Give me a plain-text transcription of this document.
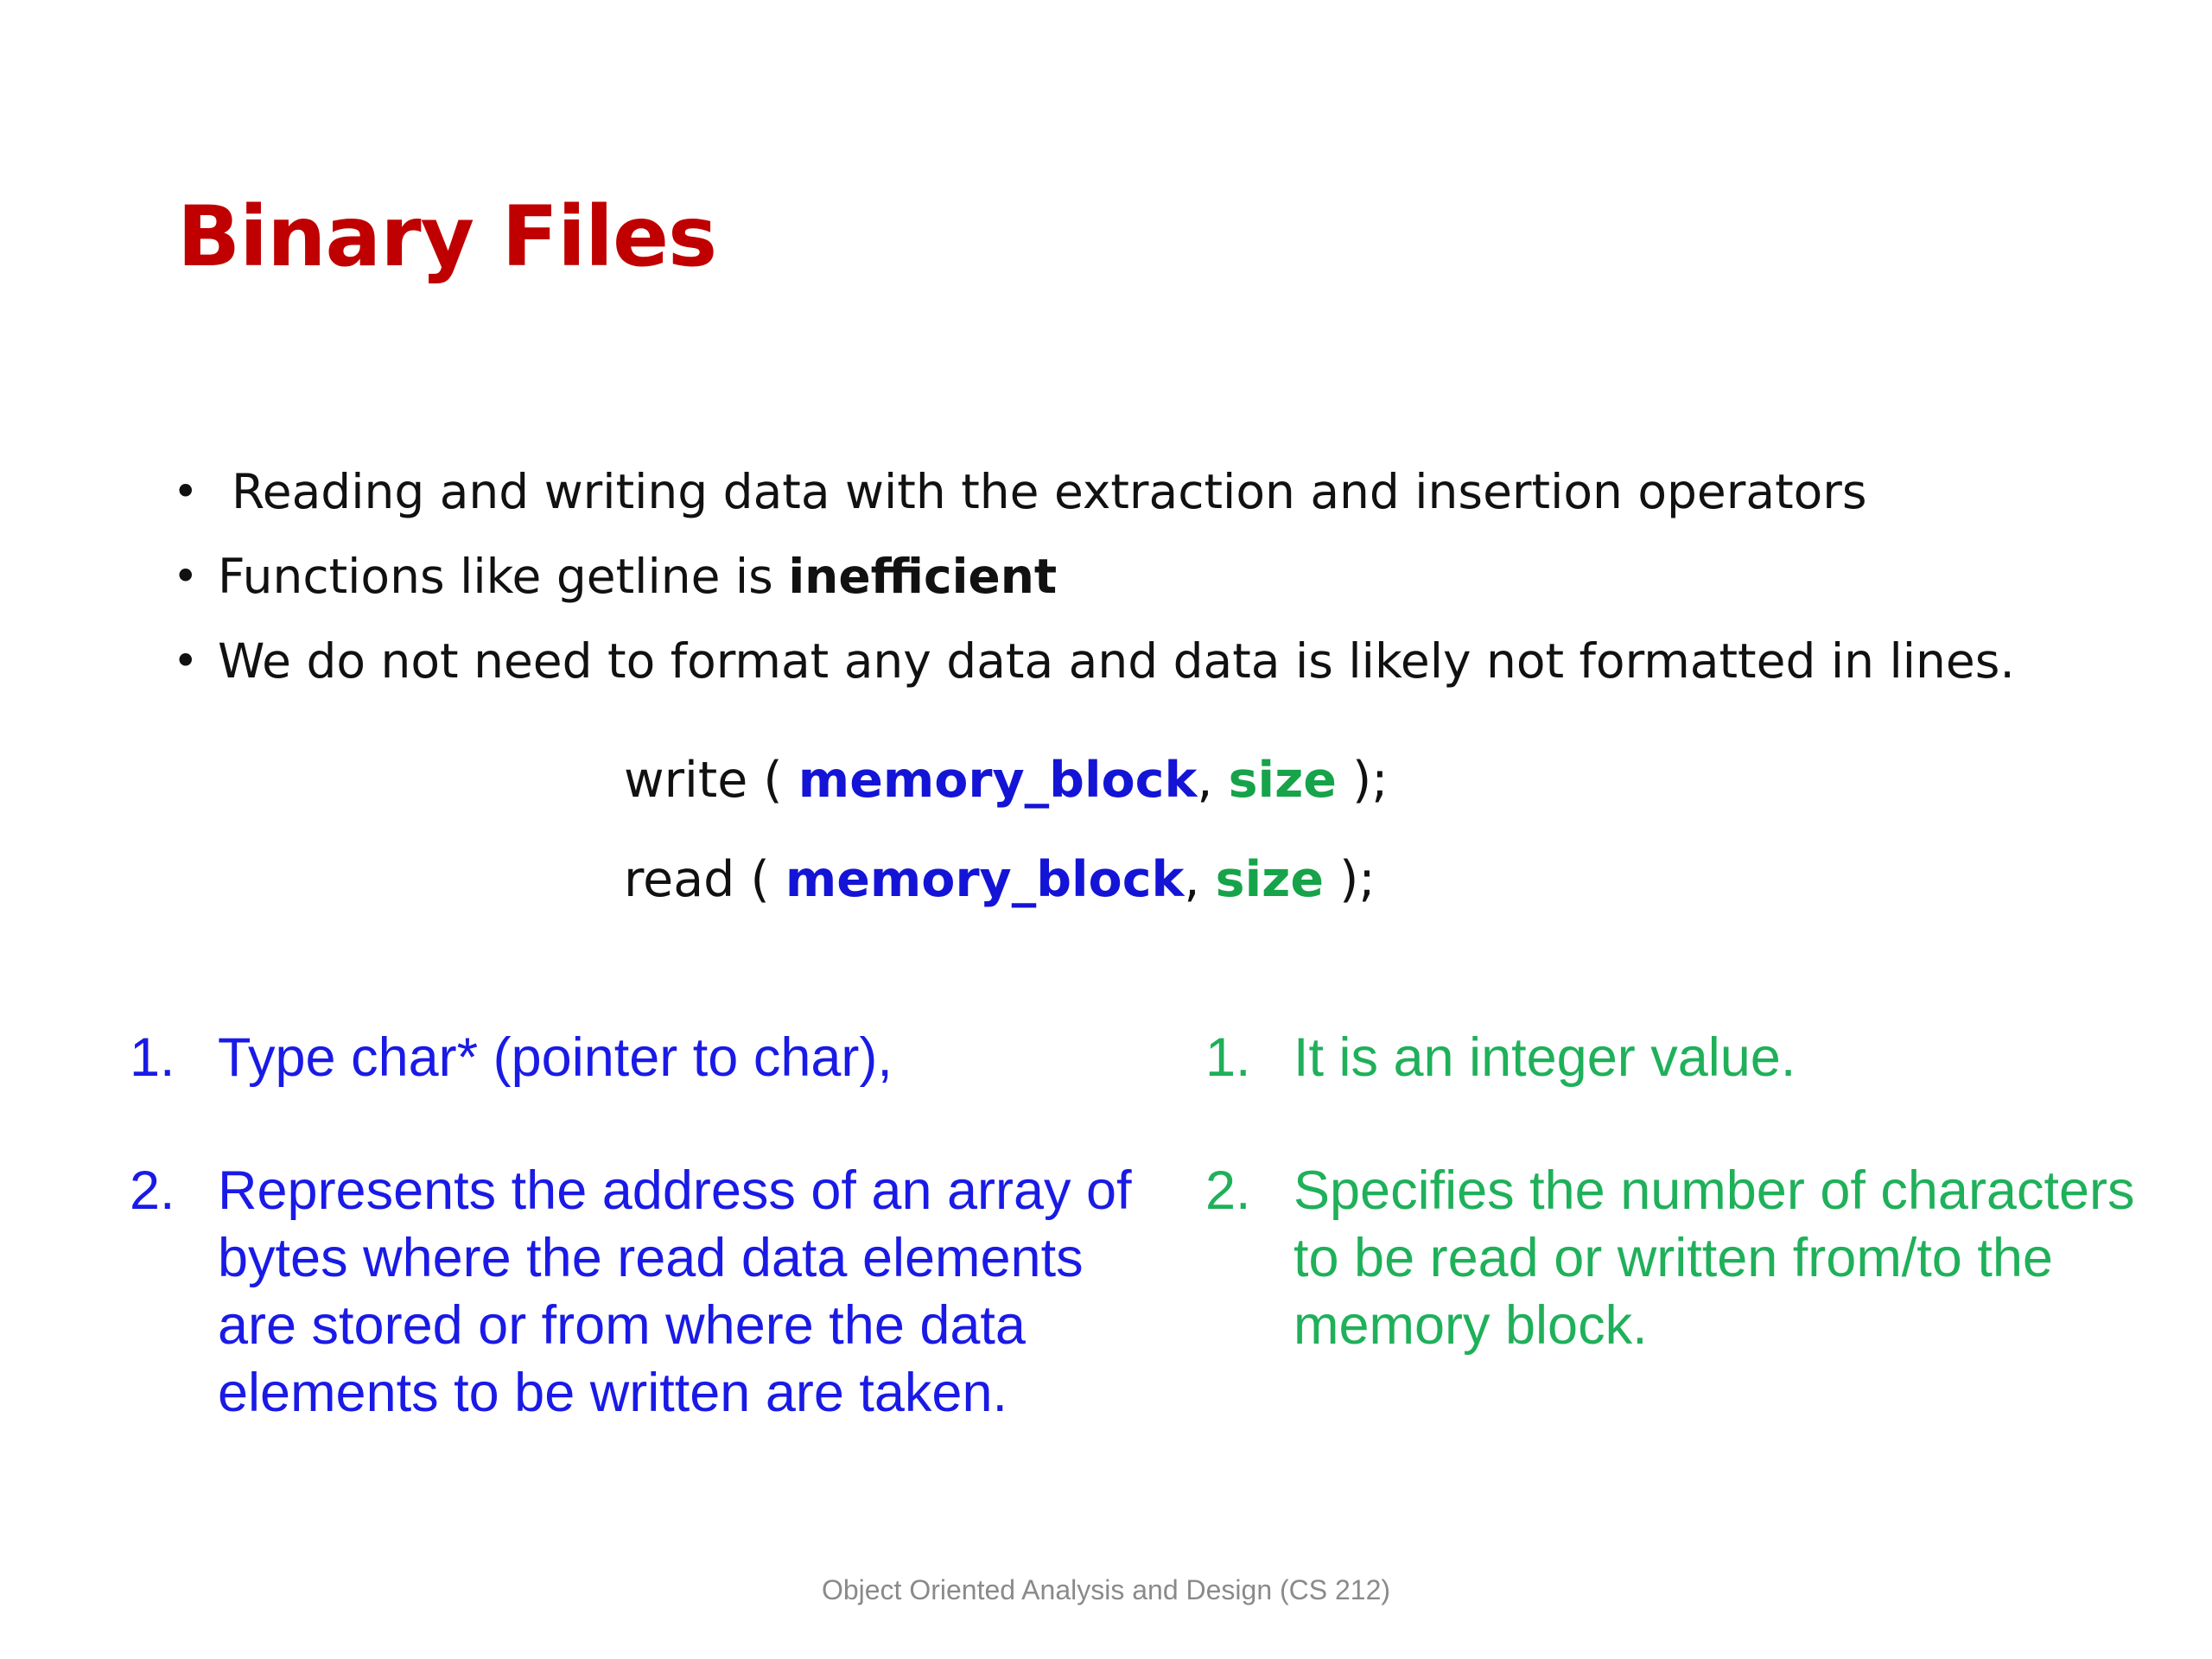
Binary Files
• Reading and writing data with the extraction and insertion operators
• Functions like getline is inefficient
• We do not need to format any data and data is likely not formatted in lines.
write ( memory_block, size );
read ( memory_block, size );
1. Type char* (pointer to char),
2. Represents the address of an array of bytes where the read data elements are stored or from where the data elements to be written are taken.
1. It is an integer value.
2. Specifies the number of characters to be read or written from/to the memory block.
Object Oriented Analysis and Design (CS 212)
